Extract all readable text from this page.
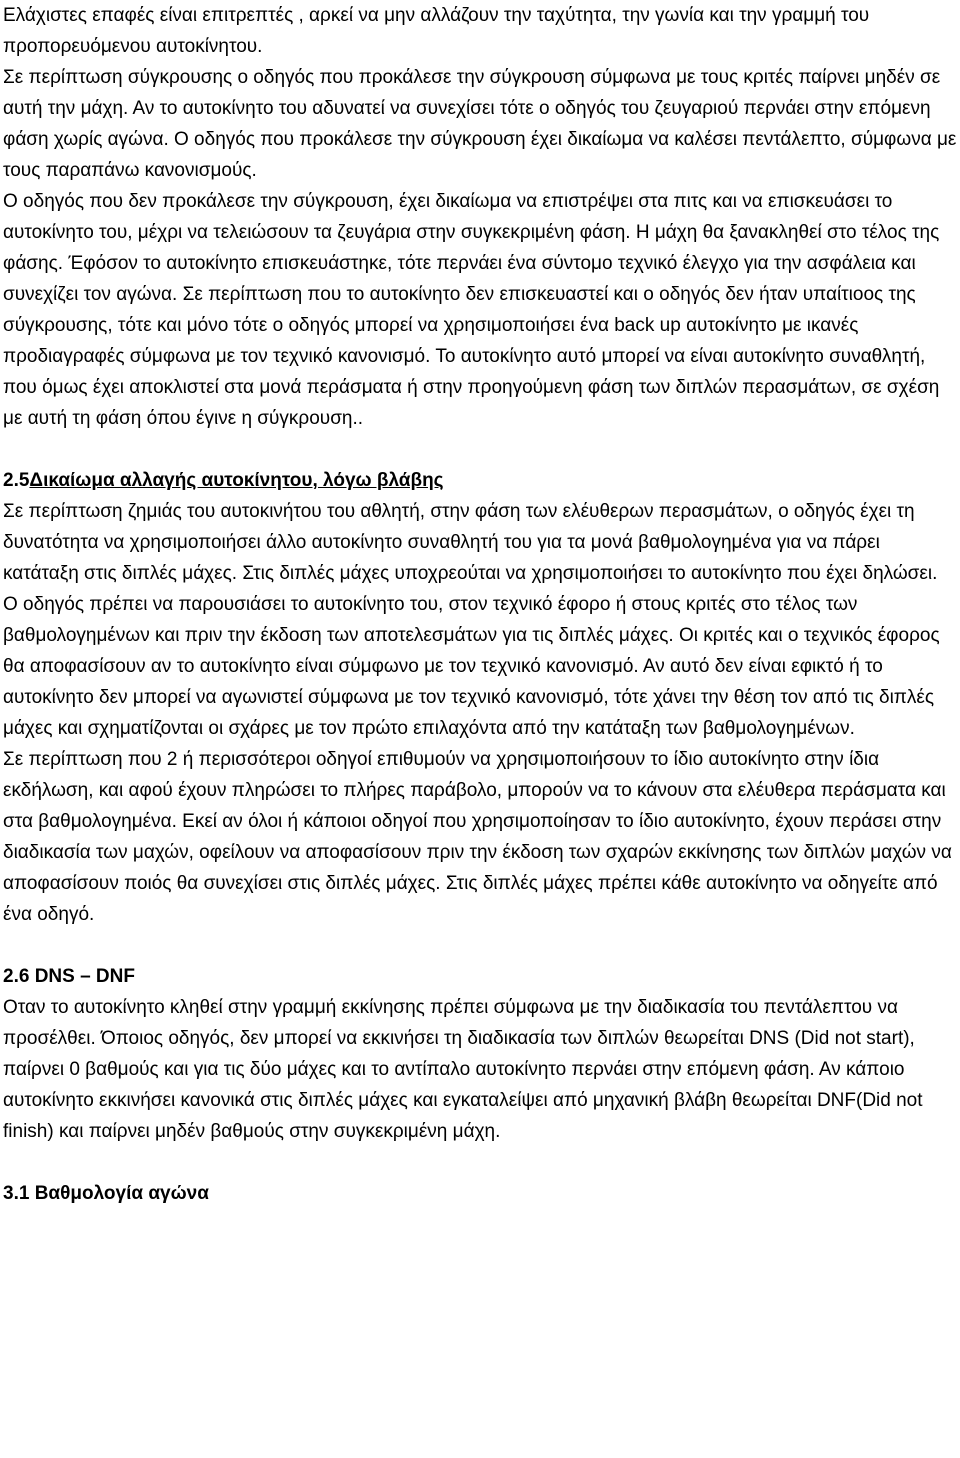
Ελάχιστες επαφές είναι επιτρεπτές , αρκεί να μην αλλάζουν την ταχύτητα, την γωνία και την γραμμή του προπορευόμενου αυτοκίνητου.

Σε περίπτωση σύγκρουσης ο οδηγός που προκάλεσε την σύγκρουση σύμφωνα με τους κριτές παίρνει μηδέν σε αυτή την μάχη. Αν το αυτοκίνητο του αδυνατεί να συνεχίσει τότε ο οδηγός του ζευγαριού περνάει στην επόμενη φάση χωρίς αγώνα. Ο οδηγός που προκάλεσε την σύγκρουση έχει δικαίωμα να καλέσει πεντάλεπτο, σύμφωνα με τους παραπάνω κανονισμούς.

Ο οδηγός που δεν προκάλεσε την σύγκρουση, έχει δικαίωμα να επιστρέψει στα πιτς και να επισκευάσει το αυτοκίνητο του, μέχρι να τελειώσουν τα ζευγάρια στην συγκεκριμένη φάση. Η μάχη θα ξανακληθεί στο τέλος της φάσης. Έφόσον το αυτοκίνητο επισκευάστηκε, τότε περνάει ένα σύντομο τεχνικό έλεγχο για την ασφάλεια και συνεχίζει τον αγώνα. Σε περίπτωση που το αυτοκίνητο δεν επισκευαστεί και ο οδηγός δεν ήταν υπαίτιοος της σύγκρουσης, τότε και μόνο τότε ο οδηγός μπορεί να χρησιμοποιήσει ένα back up αυτοκίνητο με ικανές προδιαγραφές σύμφωνα με τον τεχνικό κανονισμό. Το αυτοκίνητο αυτό μπορεί να είναι αυτοκίνητο συναθλητή, που όμως έχει αποκλιστεί στα μονά περάσματα ή στην προηγούμενη φάση των διπλών περασμάτων, σε σχέση με αυτή τη φάση όπου έγινε η σύγκρουση..

2.5Δικαίωμα αλλαγής αυτοκίνητου, λόγω βλάβης

Σε περίπτωση ζημιάς του αυτοκινήτου του αθλητή, στην φάση των ελέυθερων περασμάτων, ο οδηγός έχει τη δυνατότητα να χρησιμοποιήσει άλλο αυτοκίνητο συναθλητή του για τα μονά βαθμολογημένα για να πάρει κατάταξη στις διπλές μάχες. Στις διπλές μάχες υποχρεούται να χρησιμοποιήσει το αυτοκίνητο που έχει δηλώσει.

Ο οδηγός πρέπει να παρουσιάσει το αυτοκίνητο του, στον τεχνικό έφορο ή στους κριτές στο τέλος των βαθμολογημένων και πριν την έκδοση των αποτελεσμάτων για τις διπλές μάχες. Οι κριτές και ο τεχνικός έφορος θα αποφασίσουν αν το αυτοκίνητο είναι σύμφωνο με τον τεχνικό κανονισμό. Αν αυτό δεν είναι εφικτό ή το αυτοκίνητο δεν μπορεί να αγωνιστεί σύμφωνα με τον τεχνικό κανονισμό, τότε χάνει την θέση τον από τις διπλές μάχες και σχηματίζονται οι σχάρες με τον πρώτο επιλαχόντα από την κατάταξη των βαθμολογημένων.

Σε περίπτωση που 2 ή περισσότεροι οδηγοί επιθυμούν να χρησιμοποιήσουν το ίδιο αυτοκίνητο στην ίδια εκδήλωση, και αφού έχουν πληρώσει το πλήρες παράβολο, μπορούν να το κάνουν στα ελέυθερα περάσματα και στα βαθμολογημένα. Εκεί αν όλοι ή κάποιοι οδηγοί που χρησιμοποίησαν το ίδιο αυτοκίνητο, έχουν περάσει στην διαδικασία των μαχών, οφείλουν να αποφασίσουν πριν την έκδοση των σχαρών εκκίνησης των διπλών μαχών να αποφασίσουν ποιός θα συνεχίσει στις διπλές μάχες. Στις διπλές μάχες πρέπει κάθε αυτοκίνητο να οδηγείτε από ένα οδηγό.

2.6 DNS – DNF

Οταν το αυτοκίνητο κληθεί στην γραμμή εκκίνησης πρέπει σύμφωνα με την διαδικασία του πεντάλεπτου να προσέλθει. Όποιος οδηγός, δεν μπορεί να εκκινήσει τη διαδικασία των διπλών θεωρείται DNS (Did not start), παίρνει 0 βαθμούς και για τις δύο μάχες και το αντίπαλο αυτοκίνητο περνάει στην επόμενη φάση. Αν κάποιο αυτοκίνητο εκκινήσει κανονικά στις διπλές μάχες και εγκαταλείψει από μηχανική βλάβη θεωρείται DNF(Did not finish) και παίρνει μηδέν βαθμούς στην συγκεκριμένη μάχη.

3.1 Βαθμολογία αγώνα
